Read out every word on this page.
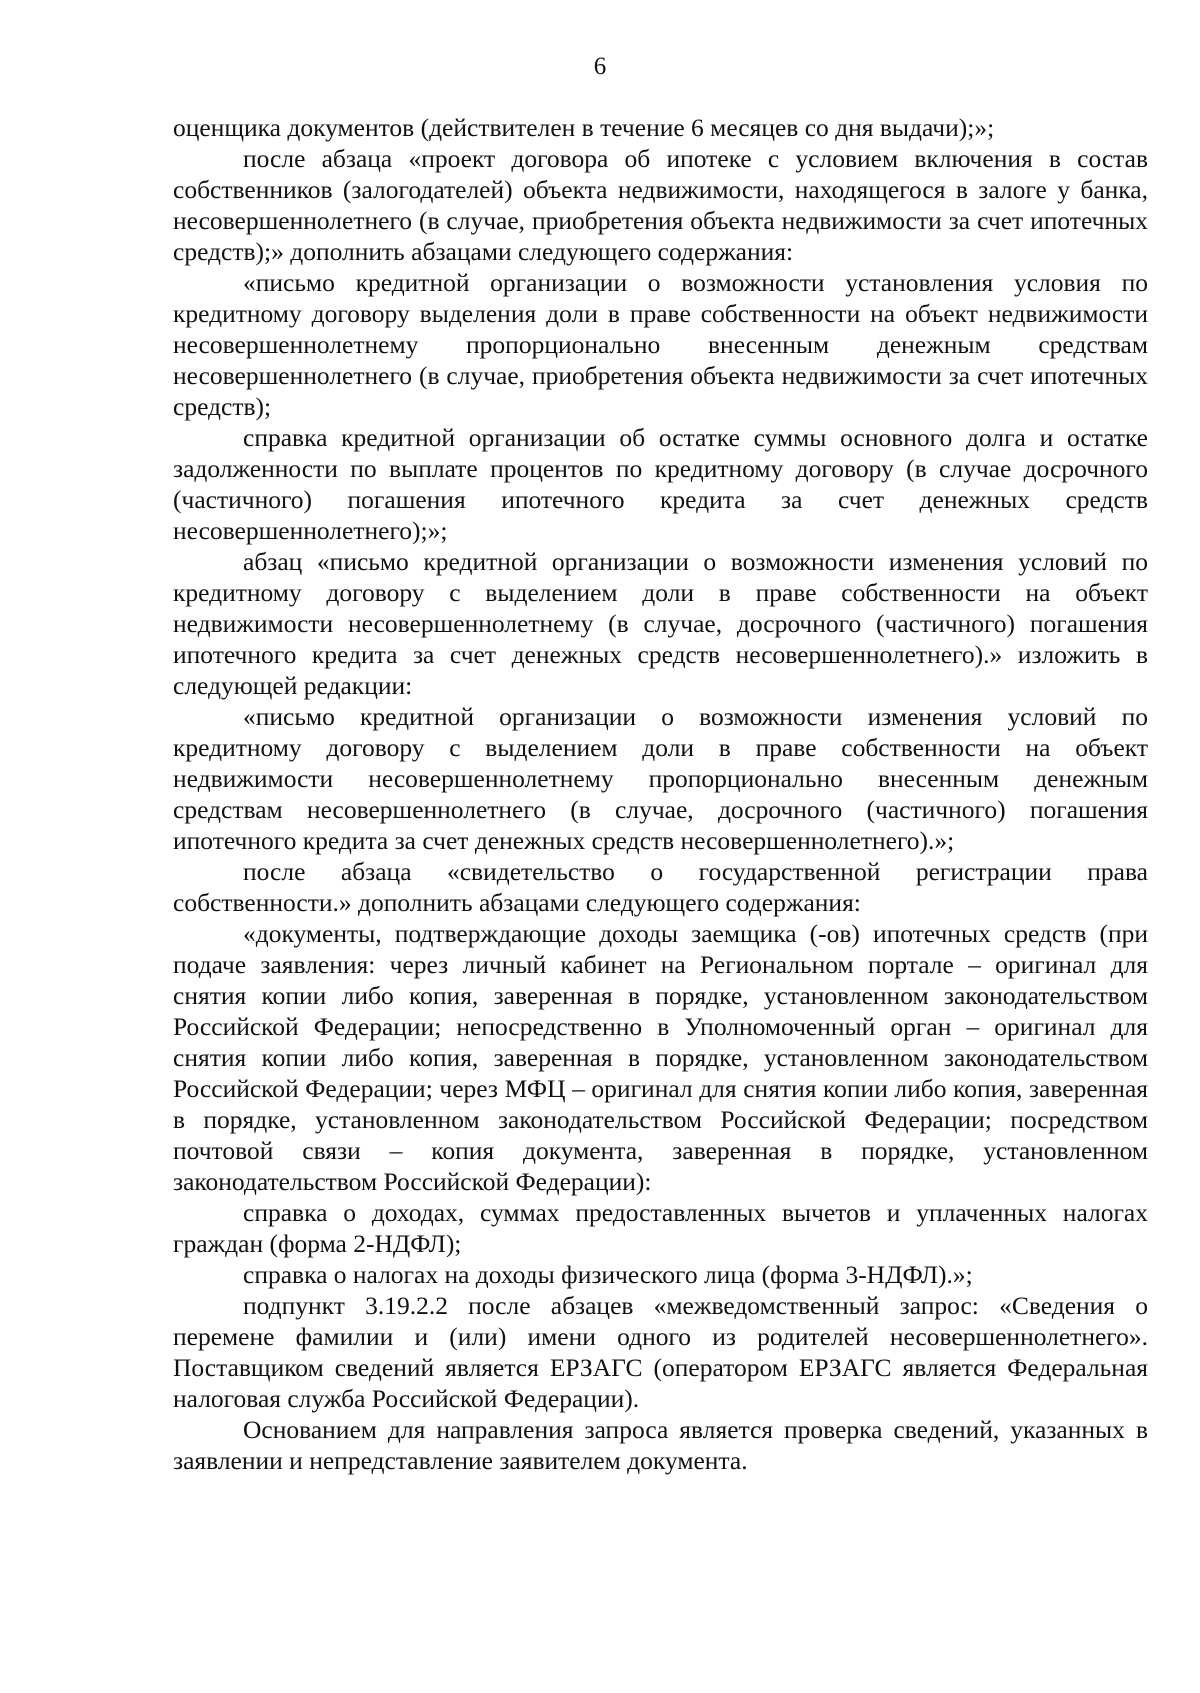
6

оценщика документов (действителен в течение 6 месяцев со дня выдачи);»;

после абзаца «проект договора об ипотеке с условием включения в состав собственников (залогодателей) объекта недвижимости, находящегося в залоге у банка, несовершеннолетнего (в случае, приобретения объекта недвижимости за счет ипотечных средств);» дополнить абзацами следующего содержания:

«письмо кредитной организации о возможности установления условия по кредитному договору выделения доли в праве собственности на объект недвижимости несовершеннолетнему пропорционально внесенным денежным средствам несовершеннолетнего (в случае, приобретения объекта недвижимости за счет ипотечных средств);

справка кредитной организации об остатке суммы основного долга и остатке задолженности по выплате процентов по кредитному договору (в случае досрочного (частичного) погашения ипотечного кредита за счет денежных средств несовершеннолетнего);»;

абзац «письмо кредитной организации о возможности изменения условий по кредитному договору с выделением доли в праве собственности на объект недвижимости несовершеннолетнему (в случае, досрочного (частичного) погашения ипотечного кредита за счет денежных средств несовершеннолетнего).» изложить в следующей редакции:

«письмо кредитной организации о возможности изменения условий по кредитному договору с выделением доли в праве собственности на объект недвижимости несовершеннолетнему пропорционально внесенным денежным средствам несовершеннолетнего (в случае, досрочного (частичного) погашения ипотечного кредита за счет денежных средств несовершеннолетнего).»;

после абзаца «свидетельство о государственной регистрации права собственности.» дополнить абзацами следующего содержания:

«документы, подтверждающие доходы заемщика (-ов) ипотечных средств (при подаче заявления: через личный кабинет на Региональном портале – оригинал для снятия копии либо копия, заверенная в порядке, установленном законодательством Российской Федерации; непосредственно в Уполномоченный орган – оригинал для снятия копии либо копия, заверенная в порядке, установленном законодательством Российской Федерации; через МФЦ – оригинал для снятия копии либо копия, заверенная в порядке, установленном законодательством Российской Федерации; посредством почтовой связи – копия документа, заверенная в порядке, установленном законодательством Российской Федерации):

справка о доходах, суммах предоставленных вычетов и уплаченных налогах граждан (форма 2-НДФЛ);

справка о налогах на доходы физического лица (форма 3-НДФЛ).»;

подпункт 3.19.2.2 после абзацев «межведомственный запрос: «Сведения о перемене фамилии и (или) имени одного из родителей несовершеннолетнего». Поставщиком сведений является ЕРЗАГС (оператором ЕРЗАГС является Федеральная налоговая служба Российской Федерации).

Основанием для направления запроса является проверка сведений, указанных в заявлении и непредставление заявителем документа.
